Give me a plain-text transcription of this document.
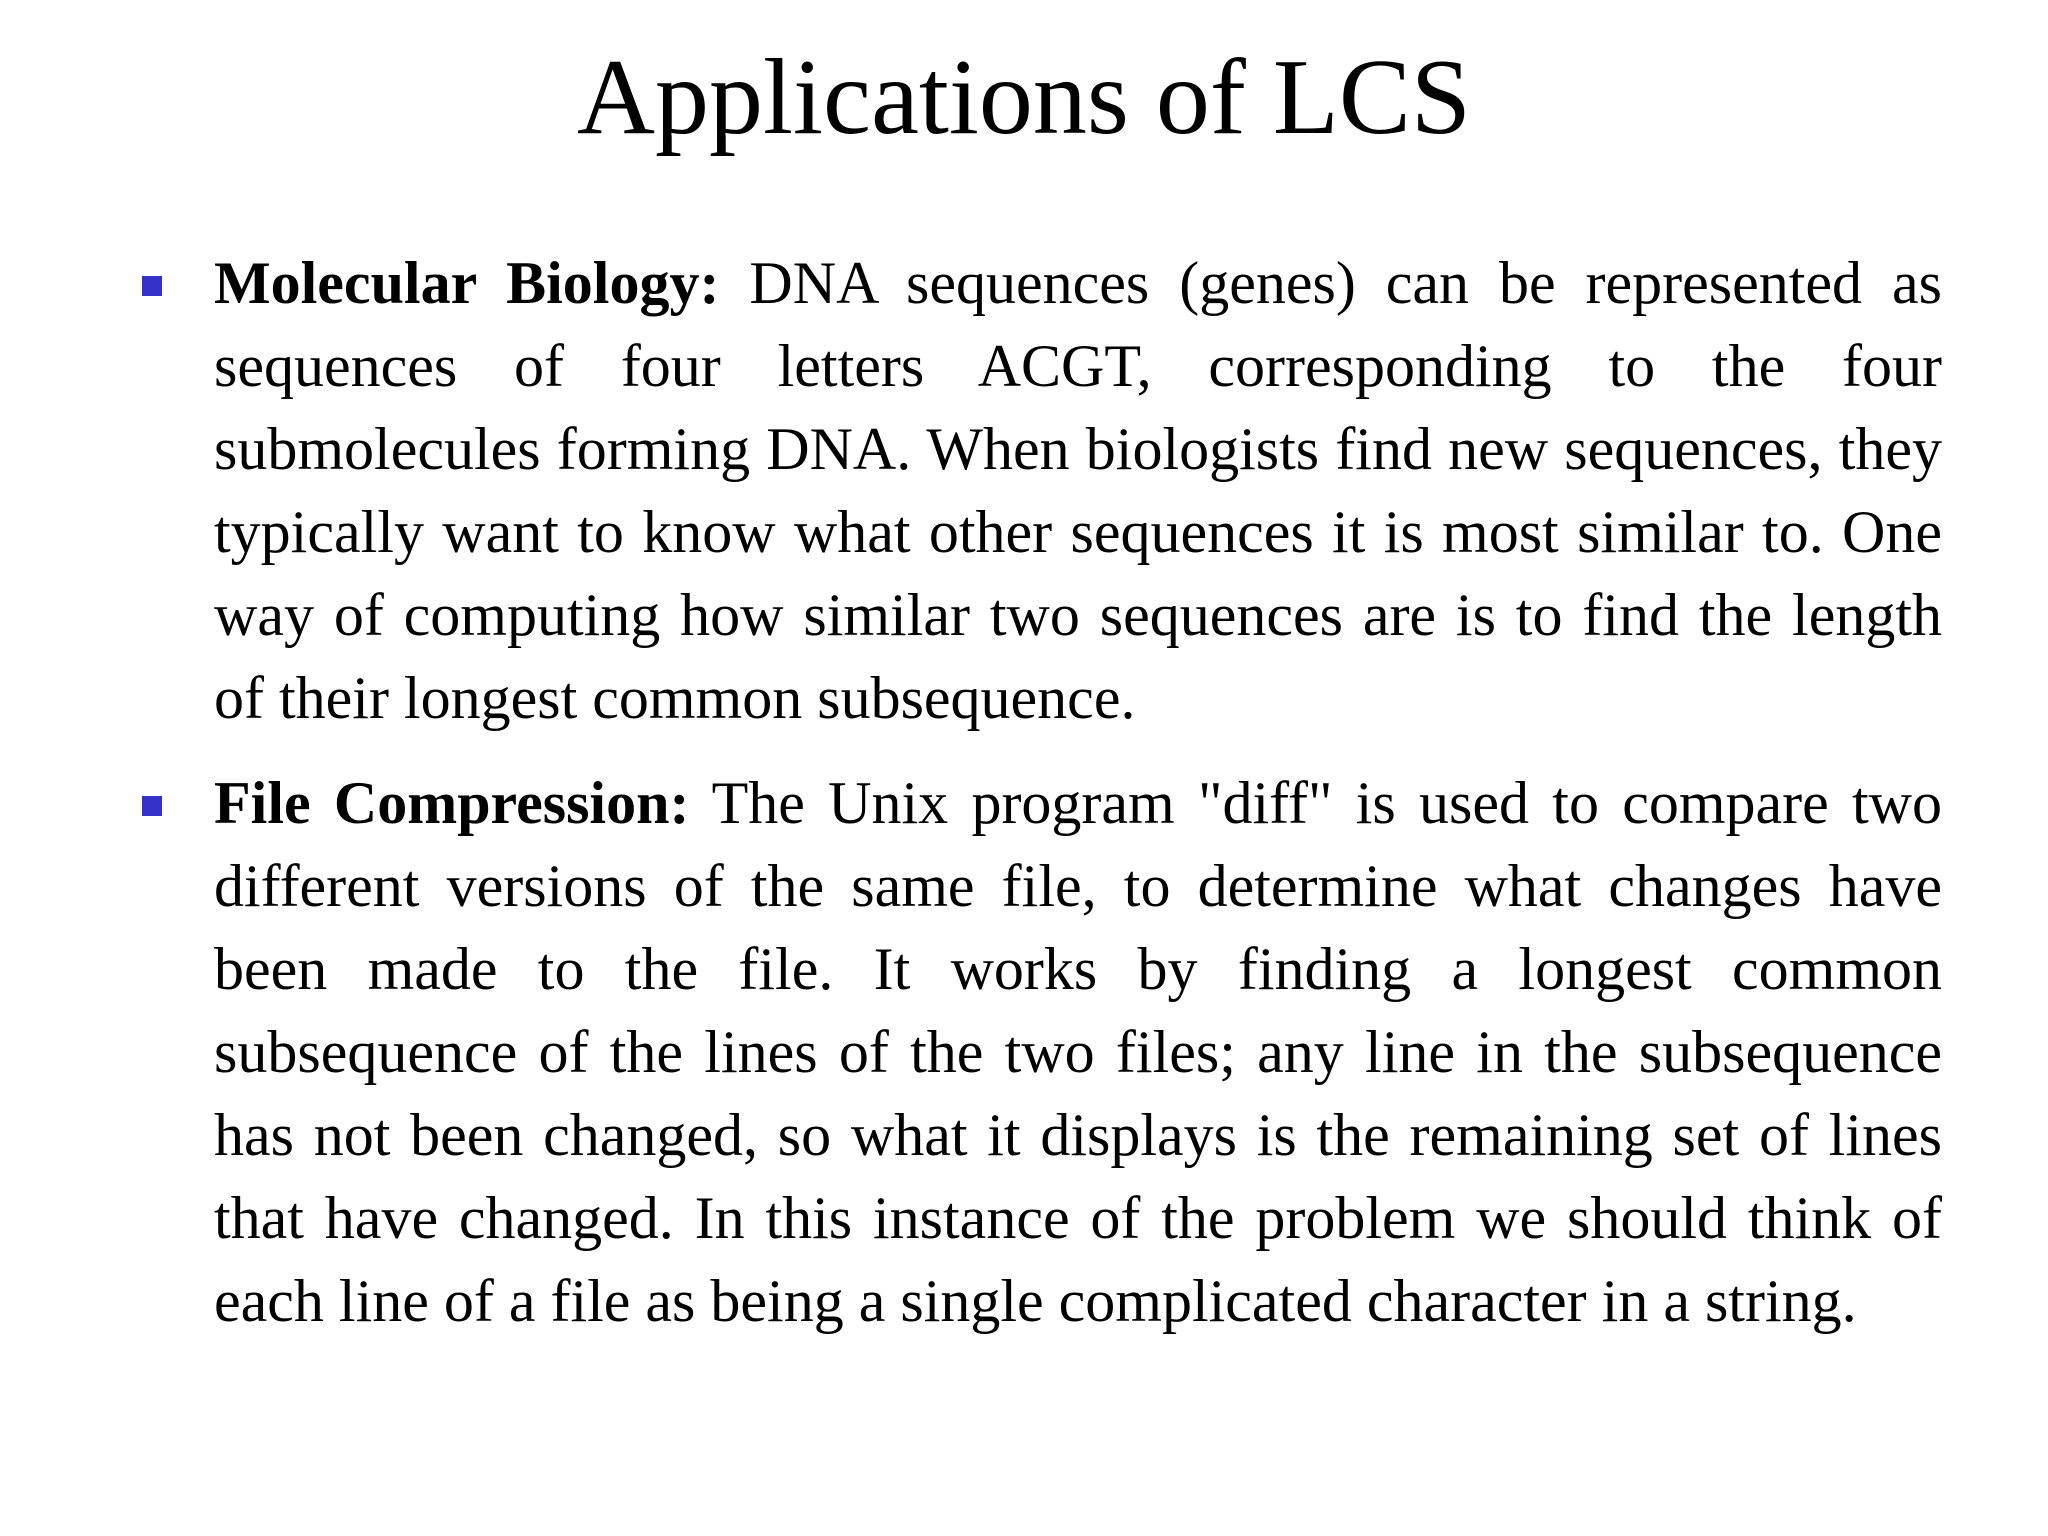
Applications of LCS

Molecular Biology: DNA sequences (genes) can be represented as sequences of four letters ACGT, corresponding to the four submolecules forming DNA. When biologists find new sequences, they typically want to know what other sequences it is most similar to. One way of computing how similar two sequences are is to find the length of their longest common subsequence.

File Compression: The Unix program "diff" is used to compare two different versions of the same file, to determine what changes have been made to the file. It works by finding a longest common subsequence of the lines of the two files; any line in the subsequence has not been changed, so what it displays is the remaining set of lines that have changed. In this instance of the problem we should think of each line of a file as being a single complicated character in a string.
